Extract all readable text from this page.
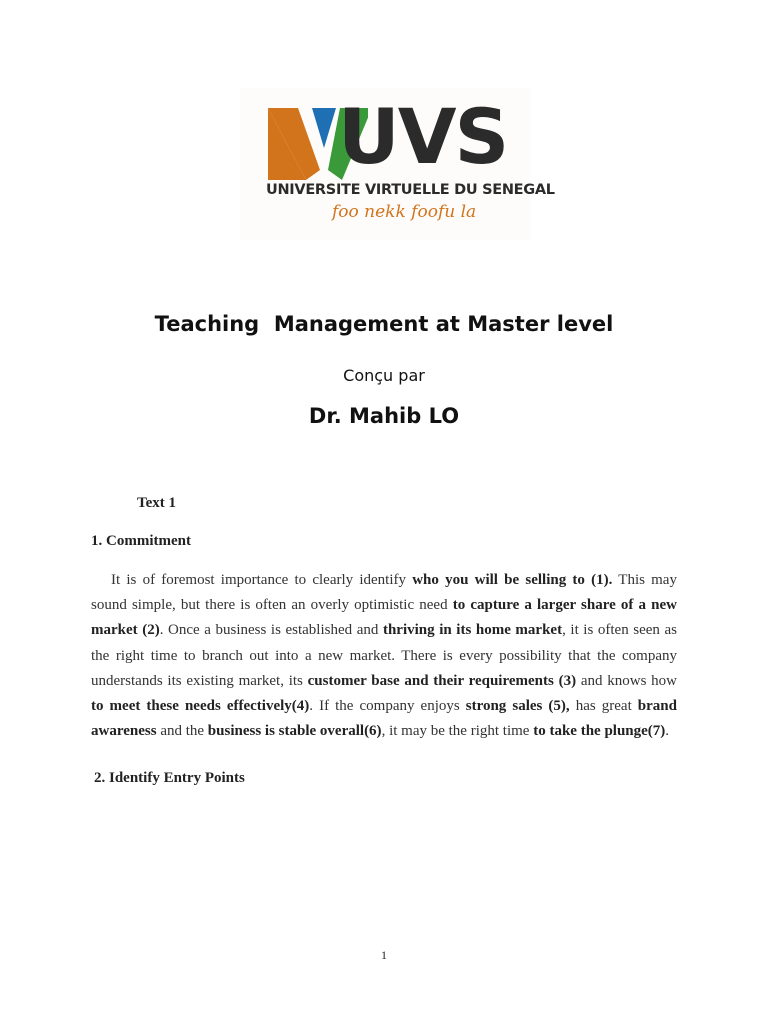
UVS
UNIVERSITE VIRTUELLE DU SENEGAL
foo nekk foofu la
Teaching  Management at Master level
Conçu par
Dr. Mahib LO
Text 1
1. Commitment
It is of foremost importance to clearly identify who you will be selling to (1). This may sound simple, but there is often an overly optimistic need to capture a larger share of a new market (2). Once a business is established and thriving in its home market, it is often seen as the right time to branch out into a new market. There is every possibility that the company understands its existing market, its customer base and their requirements (3) and knows how to meet these needs effectively(4). If the company enjoys strong sales (5), has great brand awareness and the business is stable overall(6), it may be the right time to take the plunge(7).
2. Identify Entry Points
1
